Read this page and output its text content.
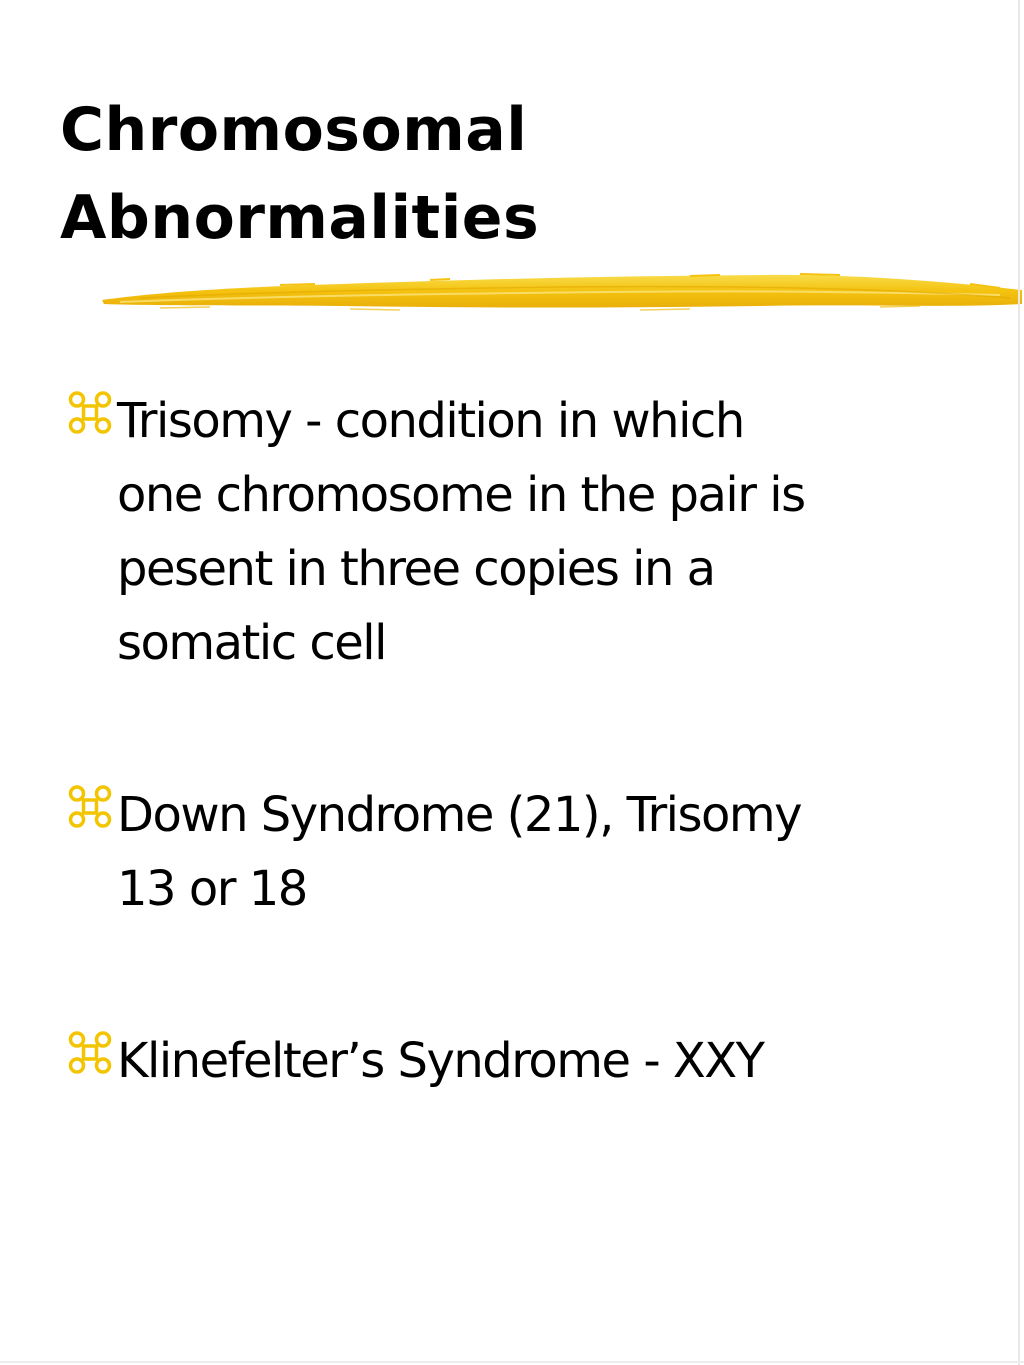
Chromosomal
Abnormalities
Trisomy - condition in which
one chromosome in the pair is
pesent in three copies in a
somatic cell
Down Syndrome (21), Trisomy
13 or 18
Klinefelter’s Syndrome - XXY
